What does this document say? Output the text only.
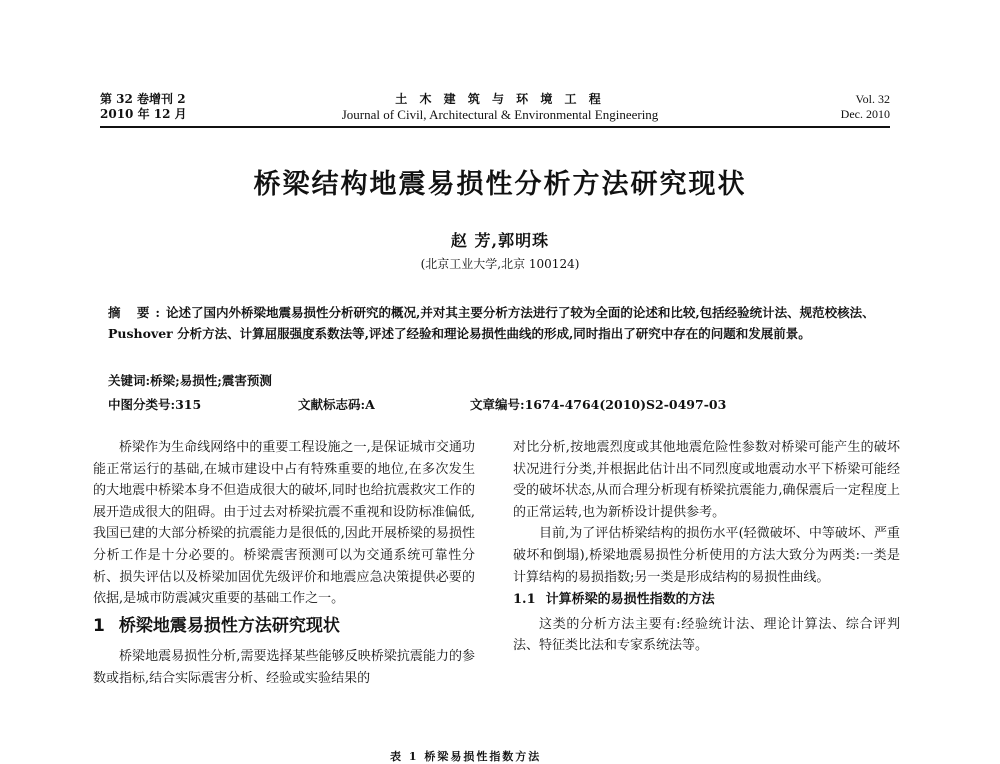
第 32 卷增刊 2
2010 年 12 月
土 木 建 筑 与 环 境 工 程
Journal of Civil, Architectural & Environmental Engineering
Vol. 32
Dec. 2010
桥梁结构地震易损性分析方法研究现状
赵 芳,郭明珠
(北京工业大学,北京 100124)
摘 要:论述了国内外桥梁地震易损性分析研究的概况,并对其主要分析方法进行了较为全面的论述和比较,包括经验统计法、规范校核法、Pushover 分析方法、计算屈服强度系数法等,评述了经验和理论易损性曲线的形成,同时指出了研究中存在的问题和发展前景。
关键词:桥梁;易损性;震害预测
中图分类号:315	文献标志码:A	文章编号:1674-4764(2010)S2-0497-03

桥梁作为生命线网络中的重要工程设施之一,是保证城市交通功能正常运行的基础,在城市建设中占有特殊重要的地位,在多次发生的大地震中桥梁本身不但造成很大的破坏,同时也给抗震救灾工作的展开造成很大的阻碍。由于过去对桥梁抗震不重视和设防标准偏低,我国已建的大部分桥梁的抗震能力是很低的,因此开展桥梁的易损性分析工作是十分必要的。桥梁震害预测可以为交通系统可靠性分析、损失评估以及桥梁加固优先级评价和地震应急决策提供必要的依据,是城市防震减灾重要的基础工作之一。

1 桥梁地震易损性方法研究现状

桥梁地震易损性分析,需要选择某些能够反映桥梁抗震能力的参数或指标,结合实际震害分析、经验或实验结果的

对比分析,按地震烈度或其他地震危险性参数对桥梁可能产生的破坏状况进行分类,并根据此估计出不同烈度或地震动水平下桥梁可能经受的破坏状态,从而合理分析现有桥梁抗震能力,确保震后一定程度上的正常运转,也为新桥设计提供参考。

目前,为了评估桥梁结构的损伤水平(轻微破坏、中等破坏、严重破坏和倒塌),桥梁地震易损性分析使用的方法大致分为两类:一类是计算结构的易损指数;另一类是形成结构的易损性曲线。

1.1 计算桥梁的易损性指数的方法

这类的分析方法主要有:经验统计法、理论计算法、综合评判法、特征类比法和专家系统法等。

表 1 桥梁易损性指数方法
